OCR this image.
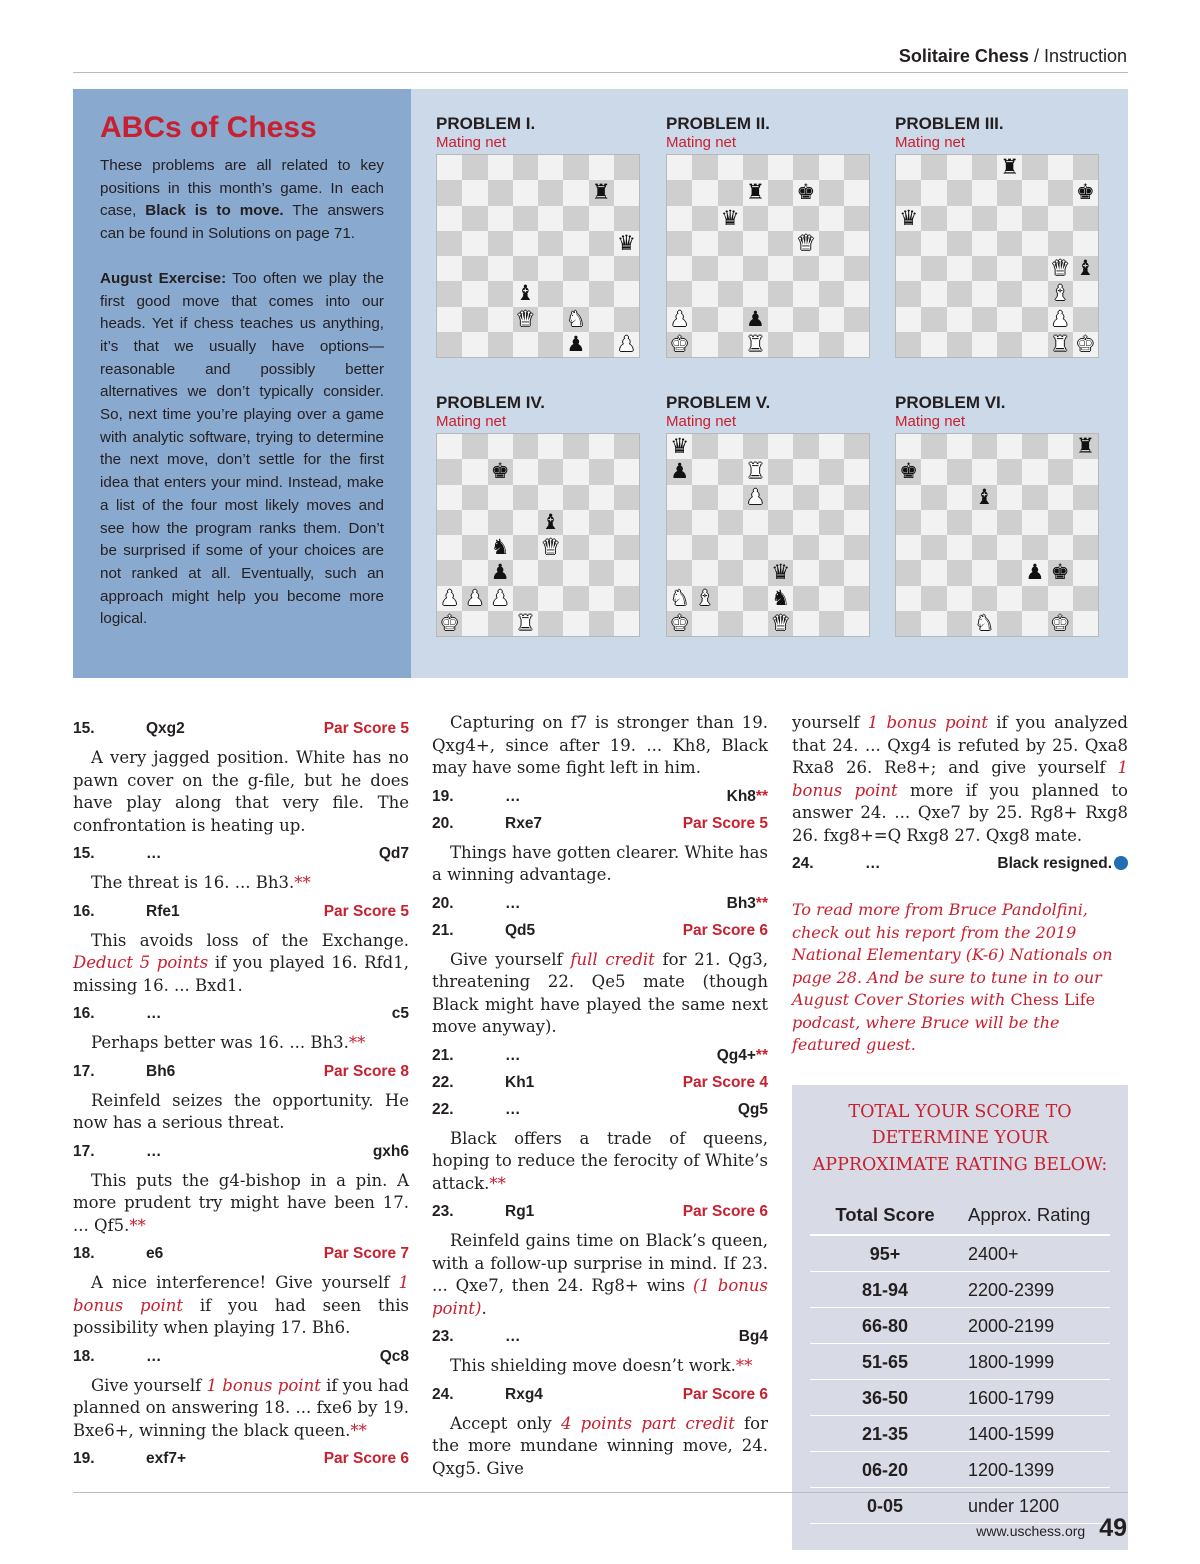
Solitaire Chess / Instruction
ABCs of Chess

These problems are all related to key positions in this month’s game. In each case, Black is to move. The answers can be found in Solutions on page 71.

August Exercise: Too often we play the first good move that comes into our heads. Yet if chess teaches us anything, it’s that we usually have options—reasonable and possibly better alternatives we don’t typically consider. So, next time you’re playing over a game with analytic software, trying to determine the next move, don’t settle for the first idea that enters your mind. Instead, make a list of the four most likely moves and see how the program ranks them. Don’t be surprised if some of your choices are not ranked at all. Eventually, such an approach might help you become more logical.

PROBLEM I.
Mating net
♜
♛
♝
♛ ♞
♟ ♟
PROBLEM II.
Mating net
♜ ♚
♛
♛
♟	♟
♚	♜
PROBLEM III.
Mating net
♜
♚
♛
♛ ♝
♝
♟
♜ ♚
PROBLEM IV.
Mating net
♚
♝
♞ ♛
♟
♟ ♟ ♟
♚	♜
PROBLEM V.
Mating net
♛
♟	♜
♟
♛
♞ ♝	♞
♚	♛
PROBLEM VI.
Mating net
♜
♚
♝
♟ ♚
♞	♚
15.	Qxg2	Par Score 5

A very jagged position. White has no pawn cover on the g-file, but he does have play along that very file. The confrontation is heating up.

15.	…	Qd7

The threat is 16. ... Bh3.**

16.	Rfe1	Par Score 5

This avoids loss of the Exchange. Deduct 5 points if you played 16. Rfd1, missing 16. ... Bxd1.

16.	…	c5

Perhaps better was 16. ... Bh3.**

17.	Bh6	Par Score 8

Reinfeld seizes the opportunity. He now has a serious threat.

17.	…	gxh6

This puts the g4-bishop in a pin. A more prudent try might have been 17. ... Qf5.**

18.	e6	Par Score 7

A nice interference! Give yourself 1 bonus point if you had seen this possibility when playing 17. Bh6.

18.	…	Qc8

Give yourself 1 bonus point if you had planned on answering 18. ... fxe6 by 19. Bxe6+, winning the black queen.**

19.	exf7+	Par Score 6

Capturing on f7 is stronger than 19. Qxg4+, since after 19. ... Kh8, Black may have some fight left in him.

19.	…	Kh8**
20.	Rxe7	Par Score 5

Things have gotten clearer. White has a winning advantage.

20.	…	Bh3**
21.	Qd5	Par Score 6

Give yourself full credit for 21. Qg3, threatening 22. Qe5 mate (though Black might have played the same next move anyway).

21.	…	Qg4+**
22.	Kh1	Par Score 4
22.	…	Qg5

Black offers a trade of queens, hoping to reduce the ferocity of White’s attack.**

23.	Rg1	Par Score 6

Reinfeld gains time on Black’s queen, with a follow-up surprise in mind. If 23. ... Qxe7, then 24. Rg8+ wins (1 bonus point).

23.	…	Bg4

This shielding move doesn’t work.**

24.	Rxg4	Par Score 6

Accept only 4 points part credit for the more mundane winning move, 24. Qxg5. Give

yourself 1 bonus point if you analyzed that 24. ... Qxg4 is refuted by 25. Qxa8 Rxa8 26. Re8+; and give yourself 1 bonus point more if you planned to answer 24. ... Qxe7 by 25. Rg8+ Rxg8 26. fxg8+=Q Rxg8 27. Qxg8 mate.

24.	…	Black resigned.
To read more from Bruce Pandolfini, check out his report from the 2019 National Elementary (K-6) Nationals on page 28. And be sure to tune in to our August Cover Stories with Chess Life podcast, where Bruce will be the featured guest.
TOTAL YOUR SCORE TO DETERMINE YOUR APPROXIMATE RATING BELOW:
Total Score	Approx. Rating
95+	2400+
81-94	2200-2399
66-80	2000-2199
51-65	1800-1999
36-50	1600-1799
21-35	1400-1599
06-20	1200-1399
0-05	under 1200
www.uschess.org 49
